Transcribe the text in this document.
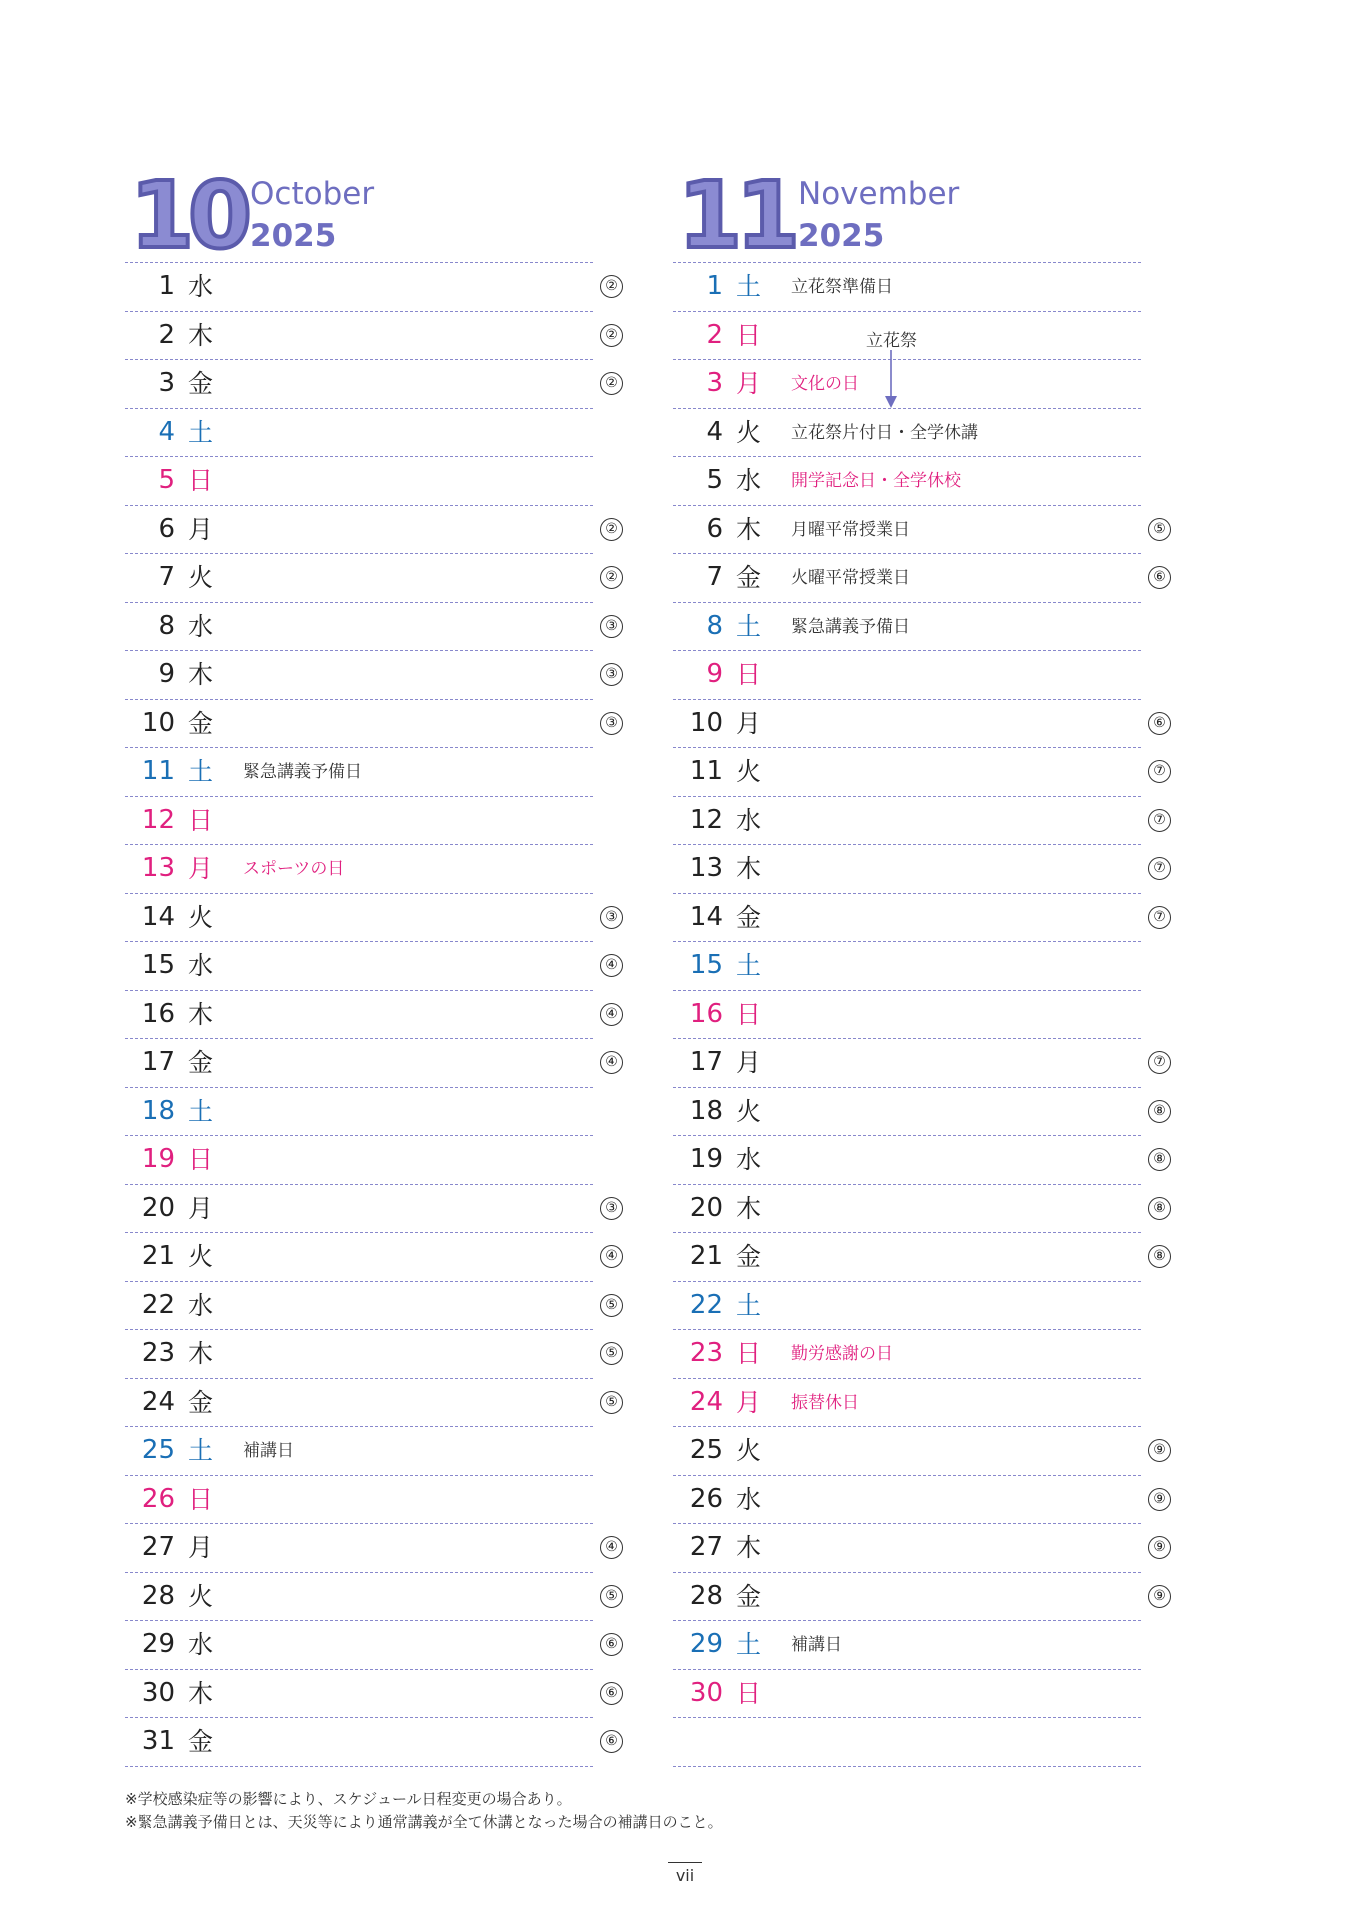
10 October
2025
1 水	②
2 木	②
3 金	②
4 土
5 日
6 月	②
7 火	②
8 水	③
9 木	③
10 金	③
11 土 緊急講義予備日
12 日
13 月 スポーツの日
14 火	③
15 水	④
16 木	④
17 金	④
18 土
19 日
20 月	③
21 火	④
22 水	⑤
23 木	⑤
24 金	⑤
25 土 補講日
26 日
27 月	④
28 火	⑤
29 水	⑥
30 木	⑥
31 金	⑥
11 November
2025
1 土 立花祭準備日
2 日
3 月 文化の日
4 火 立花祭片付日・全学休講
5 水 開学記念日・全学休校
6 木 月曜平常授業日	⑤
7 金 火曜平常授業日	⑥
8 土 緊急講義予備日
9 日
10 月	⑥
11 火	⑦
12 水	⑦
13 木	⑦
14 金	⑦
15 土
16 日
17 月	⑦
18 火	⑧
19 水	⑧
20 木	⑧
21 金	⑧
22 土
23 日 勤労感謝の日
24 月 振替休日
25 火	⑨
26 水	⑨
27 木	⑨
28 金	⑨
29 土 補講日
30 日
立花祭
※学校感染症等の影響により、スケジュール日程変更の場合あり。
※緊急講義予備日とは、天災等により通常講義が全て休講となった場合の補講日のこと。
vii
